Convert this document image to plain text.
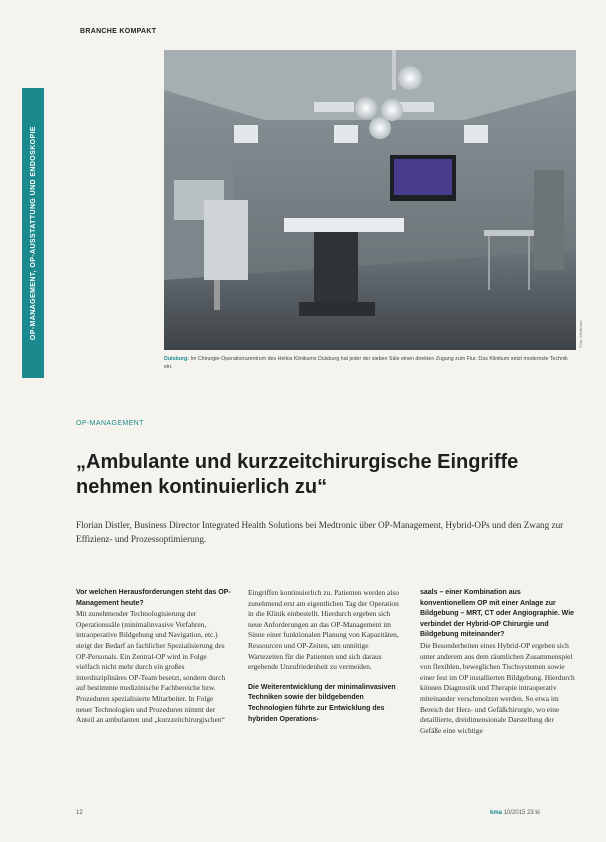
BRANCHE KOMPAKT
OP-MANAGEMENT, OP-AUSSTATTUNG UND ENDOSKOPIE	Foto: Medtronic
Duisburg: Im Chirurgie-Operationszentrum des Helios Klinikums Duisburg hat jeder der sieben Säle einen direkten Zugang zum Flur. Das Klinikum setzt modernste Technik ein.
OP-MANAGEMENT
„Ambulante und kurzzeitchirurgische Eingriffe nehmen kontinuierlich zu“
Florian Distler, Business Director Integrated Health Solutions bei Medtronic über OP-Management, Hybrid-OPs und den Zwang zur Effizienz- und Prozessoptimierung.

Vor welchen Herausforderungen steht das OP-Management heute?

Mit zunehmender Technologisierung der Operationssäle (minimalinvasive Verfahren, intraoperative Bildgebung und Navigation, etc.) steigt der Bedarf an fachlicher Spezialisierung des OP-Personals. Ein Zentral-OP wird in Folge vielfach nicht mehr durch ein großes interdisziplinäres OP-Team besetzt, sondern durch auf bestimmte medizinische Fachbereiche bzw. Prozeduren spezialisierte Mitarbeiter. In Folge neuer Technologien und Prozeduren nimmt der Anteil an ambulanten und „kurzzeitchirurgischen“

Eingriffen kontinuierlich zu. Patienten werden also zunehmend erst am eigentlichen Tag der Operation in die Klinik einbestellt. Hierdurch ergeben sich neue Anforderungen an das OP-Management im Sinne einer funktionalen Planung von Kapazitäten, Ressourcen und OP-Zeiten, um unnötige Wartezeiten für die Patienten und sich daraus ergebende Unzufriedenheit zu vermeiden.

Die Weiterentwicklung der minimalinvasiven Techniken sowie der bildgebenden Technologien führte zur Entwicklung des hybriden Operations-

saals – einer Kombination aus konventionellem OP mit einer Anlage zur Bildgebung – MRT, CT oder Angiographie. Wie verbindet der Hybrid-OP Chirurgie und Bildgebung miteinander?

Die Besonderheiten eines Hybrid-OP ergeben sich unter anderem aus dem räumlichen Zusammenspiel von flexiblen, beweglichen Tischsystemen sowie einer fest im OP installierten Bildgebung. Hierdurch können Diagnostik und Therapie intraoperativ miteinander verschmolzen werden. So etwa im Bereich der Herz- und Gefäßchirurgie, wo eine detaillierte, dreidimensionale Darstellung der Gefäße eine wichtige

12	kma 10/2015 23 kl
